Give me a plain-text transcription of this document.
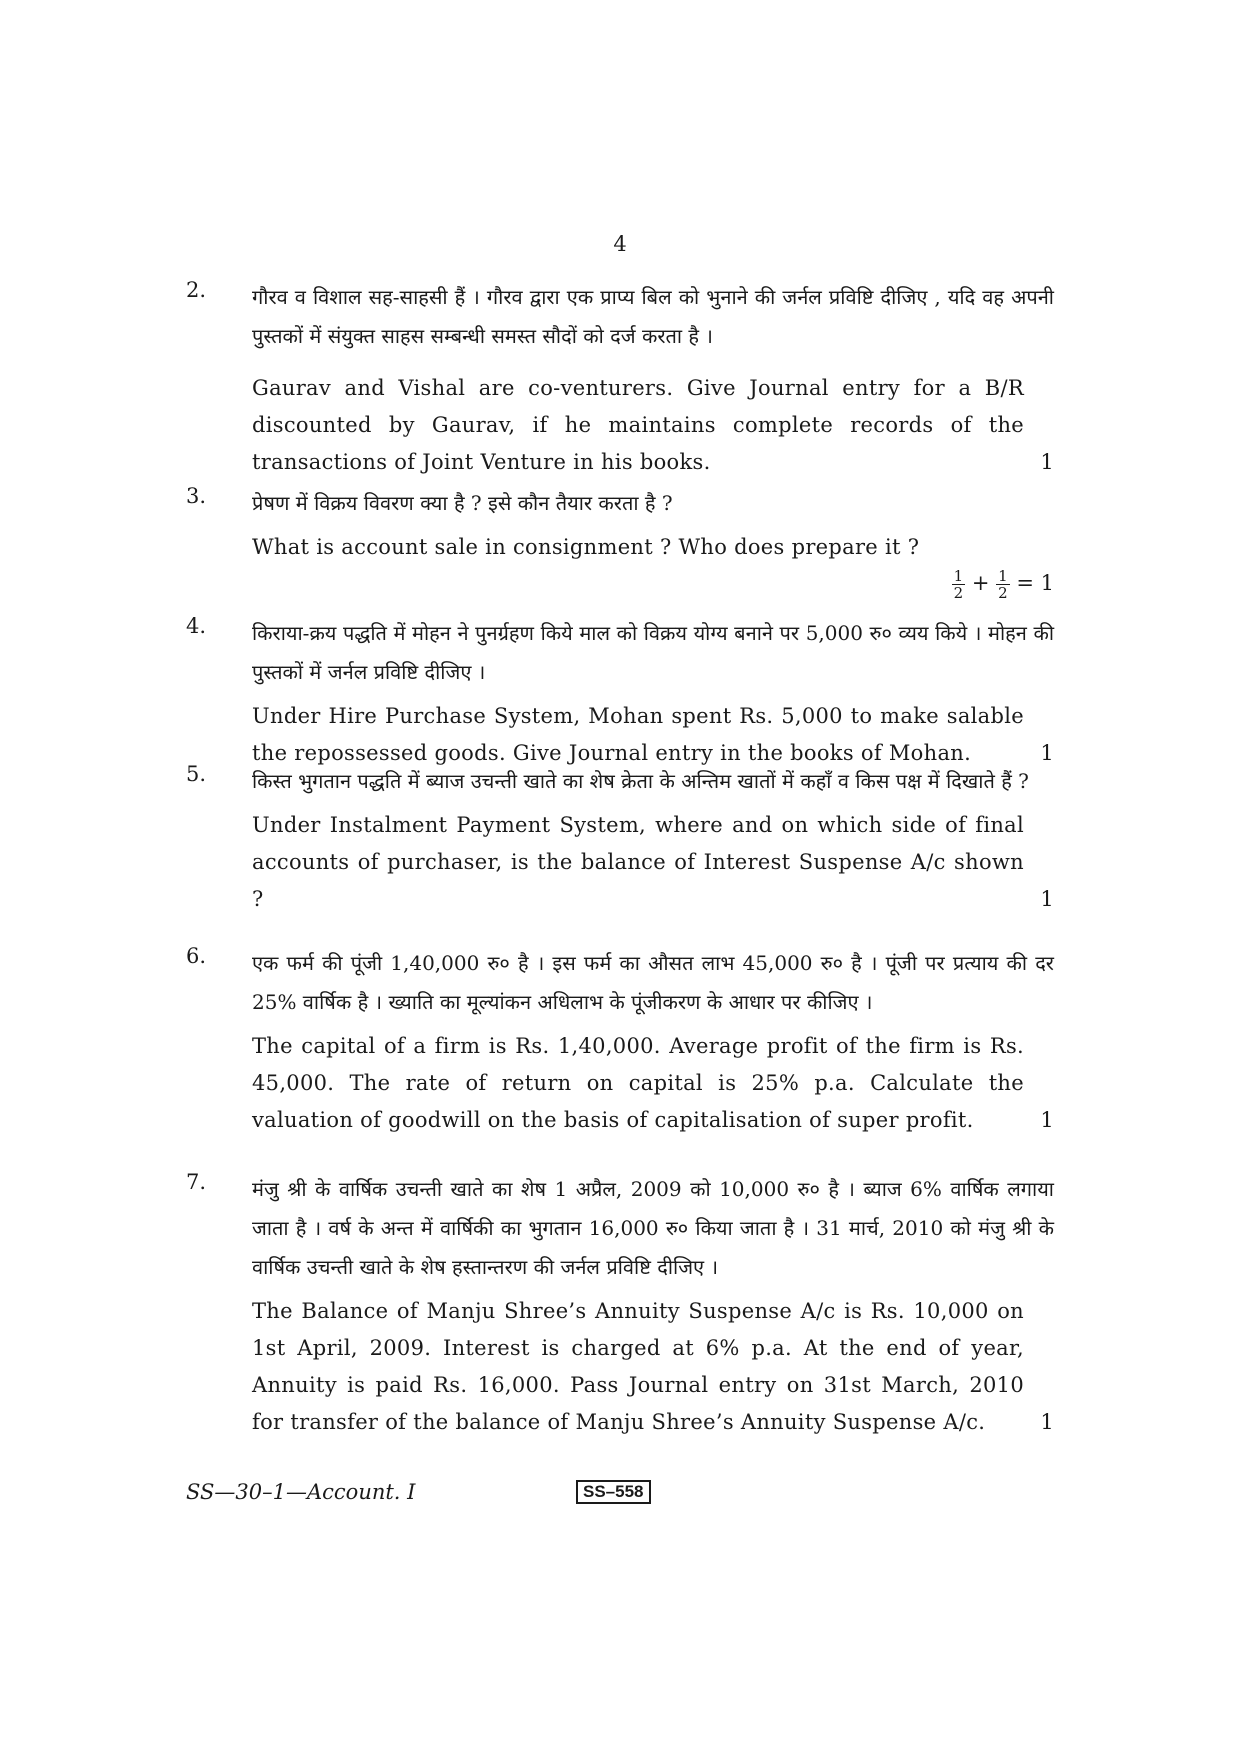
4
2. गौरव व विशाल सह-साहसी हैं । गौरव द्वारा एक प्राप्य बिल को भुनाने की जर्नल प्रविष्टि दीजिए , यदि वह अपनी पुस्तकों में संयुक्त साहस सम्बन्धी समस्त सौदों को दर्ज करता है ।

Gaurav and Vishal are co-venturers. Give Journal entry for a B/R discounted by Gaurav, if he maintains complete records of the transactions of Joint Venture in his books.	1
3. प्रेषण में विक्रय विवरण क्या है ? इसे कौन तैयार करता है ?

What is account sale in consignment ? Who does prepare it ?

$\frac{1}{2} + \frac{1}{2} = 1$
4. किराया-क्रय पद्धति में मोहन ने पुनर्ग्रहण किये माल को विक्रय योग्य बनाने पर 5,000 रु० व्यय किये । मोहन की पुस्तकों में जर्नल प्रविष्टि दीजिए ।

Under Hire Purchase System, Mohan spent Rs. 5,000 to make salable the repossessed goods. Give Journal entry in the books of Mohan.	1
5. किस्त भुगतान पद्धति में ब्याज उचन्ती खाते का शेष क्रेता के अन्तिम खातों में कहाँ व किस पक्ष में दिखाते हैं ?

Under Instalment Payment System, where and on which side of final accounts of purchaser, is the balance of Interest Suspense A/c shown ?	1
6. एक फर्म की पूंजी 1,40,000 रु० है । इस फर्म का औसत लाभ 45,000 रु० है । पूंजी पर प्रत्याय की दर 25% वार्षिक है । ख्याति का मूल्यांकन अधिलाभ के पूंजीकरण के आधार पर कीजिए ।

The capital of a firm is Rs. 1,40,000. Average profit of the firm is Rs. 45,000. The rate of return on capital is 25% p.a. Calculate the valuation of goodwill on the basis of capitalisation of super profit.	1
7. मंजु श्री के वार्षिक उचन्ती खाते का शेष 1 अप्रैल, 2009 को 10,000 रु० है । ब्याज 6% वार्षिक लगाया जाता है । वर्ष के अन्त में वार्षिकी का भुगतान 16,000 रु० किया जाता है । 31 मार्च, 2010 को मंजु श्री के वार्षिक उचन्ती खाते के शेष हस्तान्तरण की जर्नल प्रविष्टि दीजिए ।

The Balance of Manju Shree’s Annuity Suspense A/c is Rs. 10,000 on 1st April, 2009. Interest is charged at 6% p.a. At the end of year, Annuity is paid Rs. 16,000. Pass Journal entry on 31st March, 2010 for transfer of the balance of Manju Shree’s Annuity Suspense A/c.	1
SS—30–1—Account. I	SS–558
